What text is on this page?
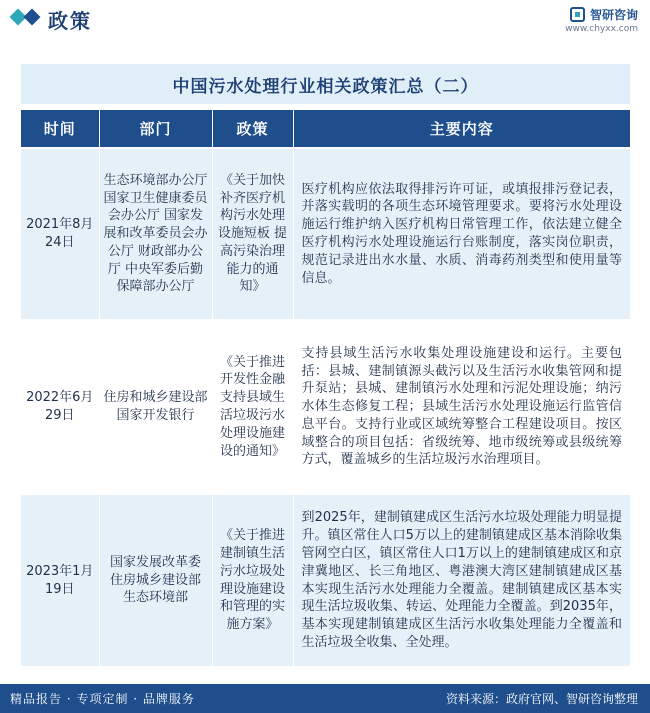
政策	智研咨询
www.chyxx.com
中国污水处理行业相关政策汇总（二）
时间	部门	政策	主要内容
2021年8月24日	生态环境部办公厅 国家卫生健康委员会办公厅 国家发展和改革委员会办公厅 财政部办公厅 中央军委后勤保障部办公厅	《关于加快补齐医疗机构污水处理设施短板 提高污染治理能力的通知》	医疗机构应依法取得排污许可证，或填报排污登记表，并落实载明的各项生态环境管理要求。要将污水处理设施运行维护纳入医疗机构日常管理工作，依法建立健全医疗机构污水处理设施运行台账制度，落实岗位职责，规范记录进出水水量、水质、消毒药剂类型和使用量等信息。
2022年6月29日	住房和城乡建设部 国家开发银行	《关于推进开发性金融支持县域生活垃圾污水处理设施建设的通知》	支持县域生活污水收集处理设施建设和运行。主要包括：县城、建制镇源头截污以及生活污水收集管网和提升泵站；县城、建制镇污水处理和污泥处理设施；纳污水体生态修复工程；县域生活污水处理设施运行监管信息平台。支持行业或区域统筹整合工程建设项目。按区域整合的项目包括：省级统筹、地市级统筹或县级统筹方式，覆盖城乡的生活垃圾污水治理项目。
2023年1月19日	国家发展改革委 住房城乡建设部 生态环境部	《关于推进建制镇生活污水垃圾处理设施建设和管理的实施方案》	到2025年，建制镇建成区生活污水垃圾处理能力明显提升。镇区常住人口5万以上的建制镇建成区基本消除收集管网空白区，镇区常住人口1万以上的建制镇建成区和京津冀地区、长三角地区、粤港澳大湾区建制镇建成区基本实现生活污水处理能力全覆盖。建制镇建成区基本实现生活垃圾收集、转运、处理能力全覆盖。到2035年，基本实现建制镇建成区生活污水收集处理能力全覆盖和生活垃圾全收集、全处理。
精品报告 · 专项定制 · 品牌服务	资料来源：政府官网、智研咨询整理
